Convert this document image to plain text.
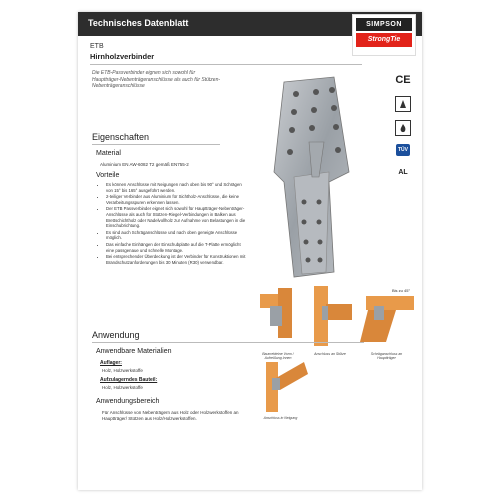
Technisches Datenblatt	SIMPSON
StrongTie
ETB
Hirnholzverbinder
Die ETB-Passverbinder eignen sich sowohl für Hauptträger-Nebenträgeranschlüsse als auch für Stützen-Nebenträgeranschlüsse	CE
TÜV
AL
Eigenschaften
Material
Aluminium EN AW-6082 T2 gemäß EN755-2
Vorteile
• Es können Anschlüsse mit Neigungen nach oben bis 90° und Schrägen von 15° bis 165° ausgeführt werden.
• 2-teiliger Verbinder aus Aluminium für Sichtholz-Anschlüsse, die keine Verarbeitungsspuren erkennen lassen.
• Der ETB Passverbinder eignet sich sowohl für Hauptträger-Nebenträger-Anschlüsse als auch für Stützen-Riegel-Verbindungen in Balken aus Brettschichtholz oder Nadelvollholz zur Aufnahme von Belastungen in die Einschubrichtung.
• Es sind auch Schräganschlüsse und nach oben geneigte Anschlüsse möglich.
• Das einfache Einhängen der Einschubplatte auf die T-Platte ermöglicht eine passgenaue und schnelle Montage.
• Bei entsprechender Überdeckung ist der Verbinder für Konstruktionen mit Brandschutzanforderungen bis 30 Minuten (R30) verwendbar.
Bis zu 45°
Baumeldeine Vorm / Aufreißung Innen
Anschluss an Stütze	Schräganschluss an Hauptträger
Anschluss in Neigung
Anwendung
Anwendbare Materialien
Auflager:
Holz, Holzwerkstoffe
Aufzulagerndes Bauteil:
Holz, Holzwerkstoffe
Anwendungsbereich
Für Anschlüsse von Nebenträgern aus Holz oder Holzwerkstoffen an Hauptträger/ Stützen aus Holz/Holzwerkstoffen.
